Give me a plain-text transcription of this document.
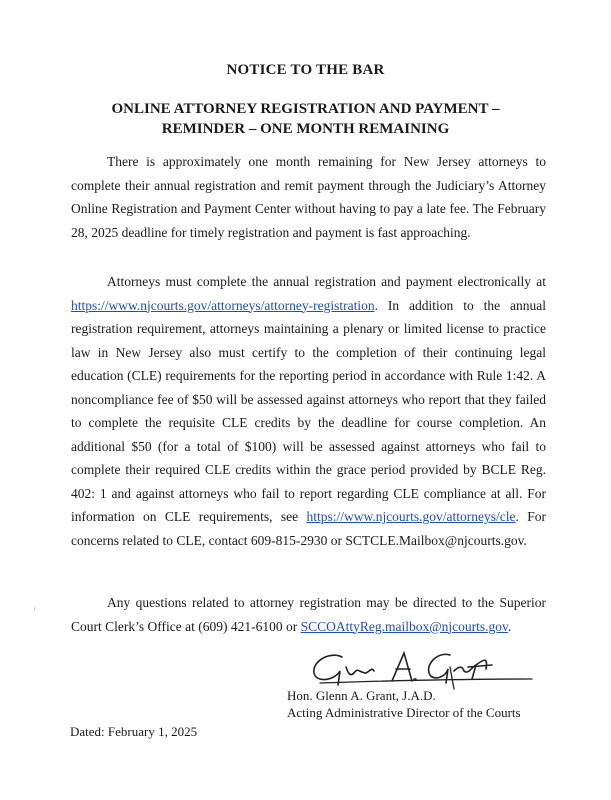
NOTICE TO THE BAR
ONLINE ATTORNEY REGISTRATION AND PAYMENT –
REMINDER – ONE MONTH REMAINING

There is approximately one month remaining for New Jersey attorneys to complete their annual registration and remit payment through the Judiciary’s Attorney Online Registration and Payment Center without having to pay a late fee. The February 28, 2025 deadline for timely registration and payment is fast approaching.

Attorneys must complete the annual registration and payment electronically at https://www.njcourts.gov/attorneys/attorney-registration. In addition to the annual registration requirement, attorneys maintaining a plenary or limited license to practice law in New Jersey also must certify to the completion of their continuing legal education (CLE) requirements for the reporting period in accordance with Rule 1:42. A noncompliance fee of $50 will be assessed against attorneys who report that they failed to complete the requisite CLE credits by the deadline for course completion. An additional $50 (for a total of $100) will be assessed against attorneys who fail to complete their required CLE credits within the grace period provided by BCLE Reg. 402: 1 and against attorneys who fail to report regarding CLE compliance at all. For information on CLE requirements, see https://www.njcourts.gov/attorneys/cle. For concerns related to CLE, contact 609-815-2930 or SCTCLE.Mailbox@njcourts.gov.

Any questions related to attorney registration may be directed to the Superior Court Clerk’s Office at (609) 421-6100 or SCCOAttyReg.mailbox@njcourts.gov.

Hon. Glenn A. Grant, J.A.D.
Acting Administrative Director of the Courts
Dated: February 1, 2025
'
